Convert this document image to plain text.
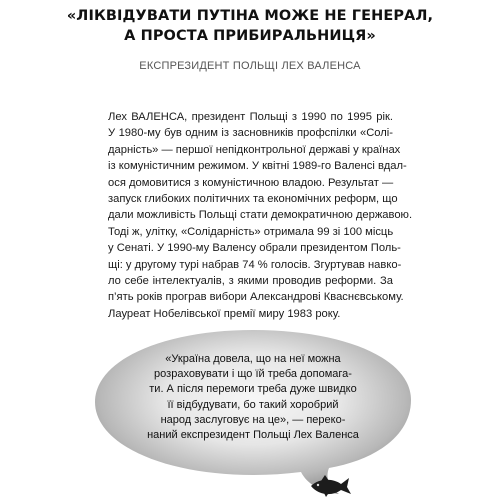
«ЛІКВІДУВАТИ ПУТІНА МОЖЕ НЕ ГЕНЕРАЛ,
А ПРОСТА ПРИБИРАЛЬНИЦЯ»
ЕКСПРЕЗИДЕНТ ПОЛЬЩІ ЛЕХ ВАЛЕНСА
Лех ВАЛЕНСА, президент Польщі з 1990 по 1995 рік.
У 1980-му був одним із засновників профспілки «Солі-
дарність» — першої непідконтрольної державі у країнах
із комуністичним режимом. У квітні 1989-го Валенсі вдал-
ося домовитися з комуністичною владою. Результат —
запуск глибоких політичних та економічних реформ, що
дали можливість Польщі стати демократичною державою.
Тоді ж, улітку, «Солідарність» отримала 99 зі 100 місць
у Сенаті. У 1990-му Валенсу обрали президентом Поль-
щі: у другому турі набрав 74 % голосів. Згуртував навко-
ло себе інтелектуалів, з якими проводив реформи. За
п’ять років програв вибори Александрові Кваснєвському.
Лауреат Нобелівської премії миру 1983 року.
«Україна довела, що на неї можна
розраховувати і що їй треба допомага-
ти. А після перемоги треба дуже швидко
її відбудувати, бо такий хоробрий
народ заслуговує на це», — переко-
наний експрезидент Польщі Лех Валенса
